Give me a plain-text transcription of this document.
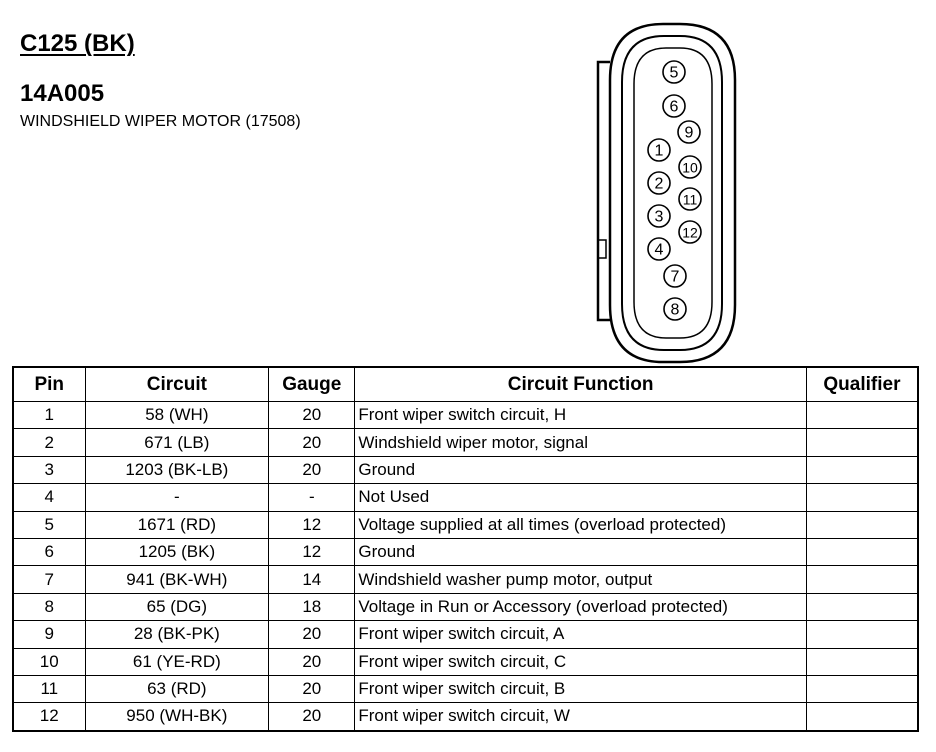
C125 (BK)
14A005
WINDSHIELD WIPER MOTOR (17508)
1
2
3
4
5
6
7
8
9
10
11
12
Pin	Circuit	Gauge	Circuit Function	Qualifier
1	58 (WH)	20	Front wiper switch circuit, H	
2	671 (LB)	20	Windshield wiper motor, signal	
3	1203 (BK-LB)	20	Ground	
4	-	-	Not Used	
5	1671 (RD)	12	Voltage supplied at all times (overload protected)	
6	1205 (BK)	12	Ground	
7	941 (BK-WH)	14	Windshield washer pump motor, output	
8	65 (DG)	18	Voltage in Run or Accessory (overload protected)	
9	28 (BK-PK)	20	Front wiper switch circuit, A	
10	61 (YE-RD)	20	Front wiper switch circuit, C	
11	63 (RD)	20	Front wiper switch circuit, B	
12	950 (WH-BK)	20	Front wiper switch circuit, W	
